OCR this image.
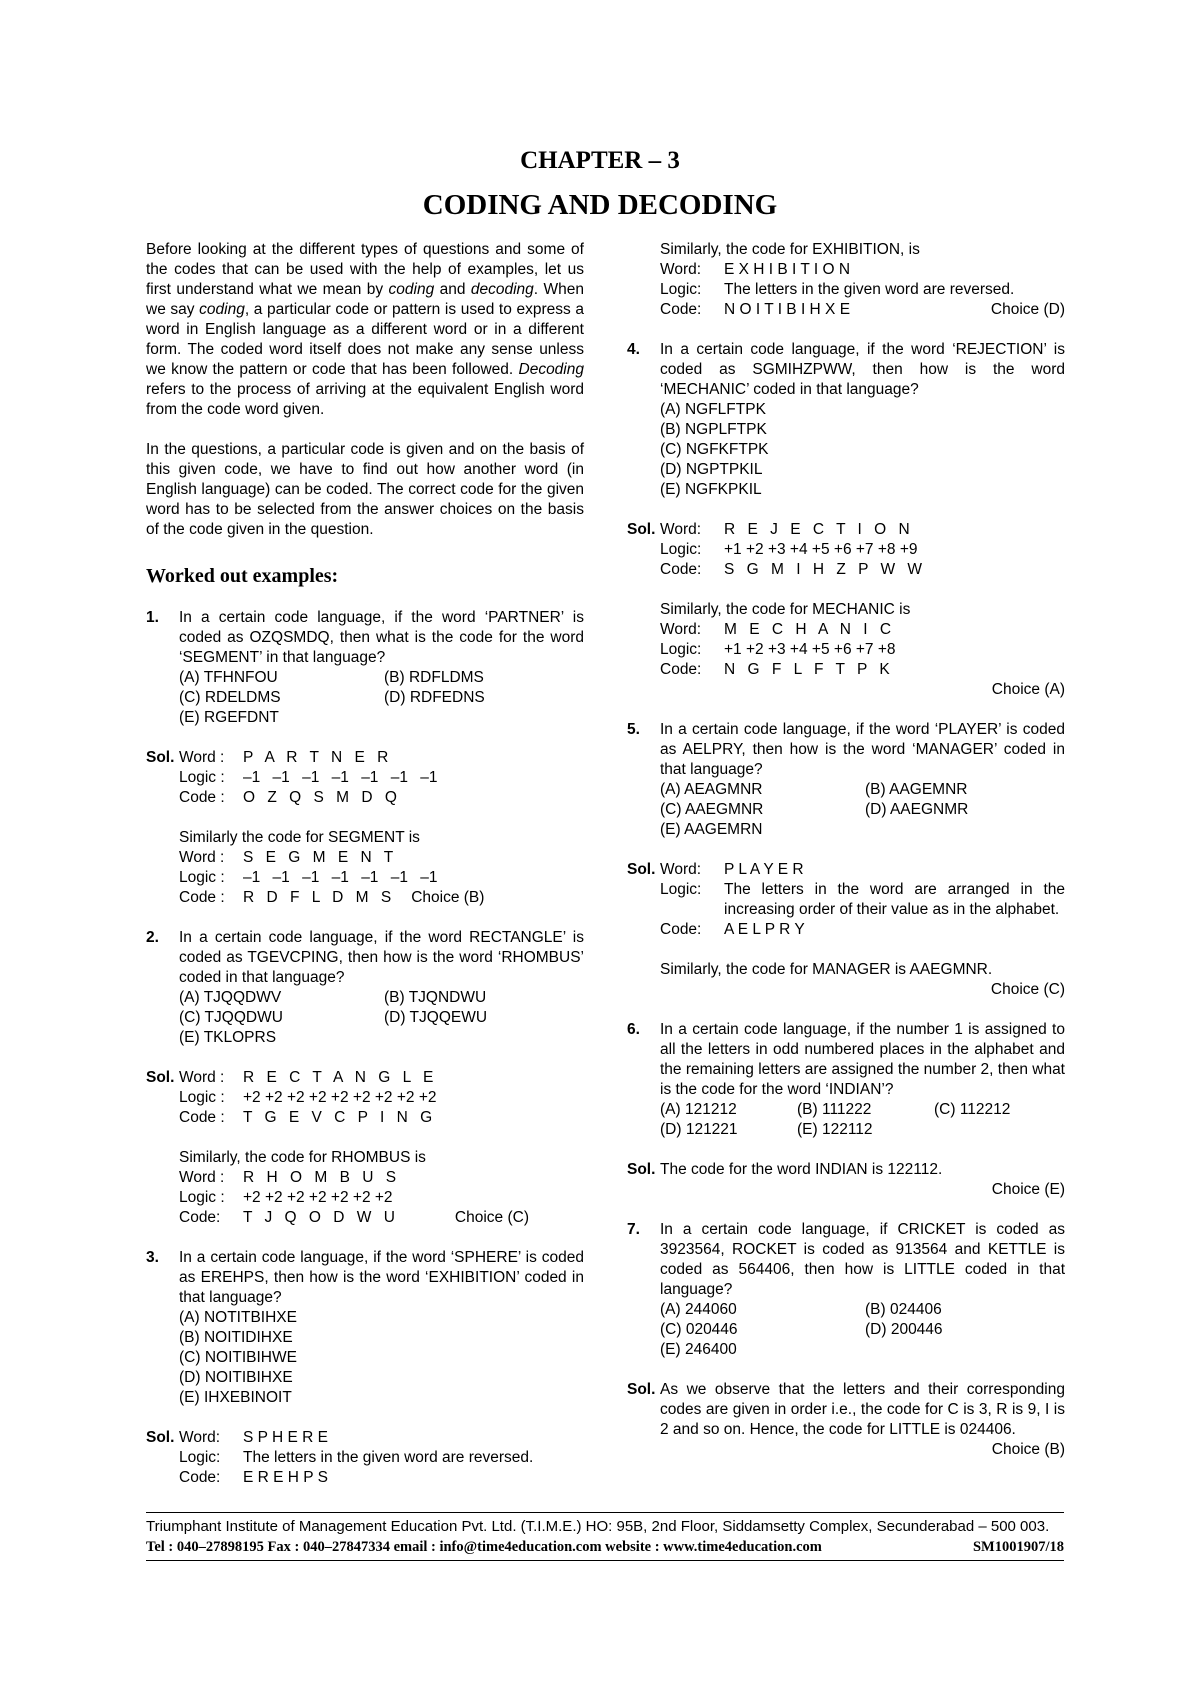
CHAPTER – 3
CODING AND DECODING

Before looking at the different types of questions and some of the codes that can be used with the help of examples, let us first understand what we mean by coding and decoding. When we say coding, a particular code or pattern is used to express a word in English language as a different word or in a different form. The coded word itself does not make any sense unless we know the pattern or code that has been followed. Decoding refers to the process of arriving at the equivalent English word from the code word given.

In the questions, a particular code is given and on the basis of this given code, we have to find out how another word (in English language) can be coded. The correct code for the given word has to be selected from the answer choices on the basis of the code given in the question.

Worked out examples:
1. In a certain code language, if the word ‘PARTNER’ is coded as OZQSMDQ, then what is the code for the word ‘SEGMENT’ in that language?

(A) TFHNFOU	(B) RDFLDMS
(C) RDELDMS	(D) RDFEDNS
(E) RGEFDNT
Sol. Word :	P A R T N E R
Logic :	–1 –1 –1 –1 –1 –1 –1
Code :	O Z Q S M D Q
Similarly the code for SEGMENT is
Word :	S E G M E N T
Logic :	–1 –1 –1 –1 –1 –1 –1
Code :	R D F L D M S Choice (B)
2. In a certain code language, if the word RECTANGLE’ is coded as TGEVCPING, then how is the word ‘RHOMBUS’ coded in that language?

(A) TJQQDWV	(B) TJQNDWU
(C) TJQQDWU	(D) TJQQEWU
(E) TKLOPRS
Sol. Word :	R E C T A N G L E
Logic :	+2 +2 +2 +2 +2 +2 +2 +2 +2
Code :	T G E V C P I N G
Similarly, the code for RHOMBUS is
Word :	R H O M B U S
Logic :	+2 +2 +2 +2 +2 +2 +2
Code:	T J Q O D W U	Choice (C)
3. In a certain code language, if the word ‘SPHERE’ is coded as EREHPS, then how is the word ‘EXHIBITION’ coded in that language?

(A) NOTITBIHXE
(B) NOITIDIHXE
(C) NOITIBIHWE
(D) NOITIBIHXE
(E) IHXEBINOIT
Sol. Word:	S P H E R E
Logic:	The letters in the given word are reversed.
Code:	E R E H P S
Similarly, the code for EXHIBITION, is
Word:	E X H I B I T I O N
Logic:	The letters in the given word are reversed.
Code:	N O I T I B I H X E	Choice (D)
4. In a certain code language, if the word ‘REJECTION’ is coded as SGMIHZPWW, then how is the word ‘MECHANIC’ coded in that language?

(A) NGFLFTPK
(B) NGPLFTPK
(C) NGFKFTPK
(D) NGPTPKIL
(E) NGFKPKIL
Sol. Word:	R E J E C T I O N
Logic:	+1 +2 +3 +4 +5 +6 +7 +8 +9
Code:	S G M I H Z P W W
Similarly, the code for MECHANIC is
Word:	M E C H A N I C
Logic:	+1 +2 +3 +4 +5 +6 +7 +8
Code:	N G F L F T P K
Choice (A)
5. In a certain code language, if the word ‘PLAYER’ is coded as AELPRY, then how is the word ‘MANAGER’ coded in that language?

(A) AEAGMNR	(B) AAGEMNR
(C) AAEGMNR	(D) AAEGNMR
(E) AAGEMRN
Sol. Word:	P L A Y E R
Logic:	The letters in the word are arranged in the increasing order of their value as in the alphabet.
Code:	A E L P R Y
Similarly, the code for MANAGER is AAEGMNR.
Choice (C)
6. In a certain code language, if the number 1 is assigned to all the letters in odd numbered places in the alphabet and the remaining letters are assigned the number 2, then what is the code for the word ‘INDIAN’?

(A) 121212	(B) 111222	(C) 112212
(D) 121221	(E) 122112
Sol. The code for the word INDIAN is 122112.
Choice (E)
7. In a certain code language, if CRICKET is coded as 3923564, ROCKET is coded as 913564 and KETTLE is coded as 564406, then how is LITTLE coded in that language?

(A) 244060	(B) 024406
(C) 020446	(D) 200446
(E) 246400
Sol. As we observe that the letters and their corresponding codes are given in order i.e., the code for C is 3, R is 9, I is 2 and so on. Hence, the code for LITTLE is 024406.
Choice (B)

Triumphant Institute of Management Education Pvt. Ltd. (T.I.M.E.) HO: 95B, 2nd Floor, Siddamsetty Complex, Secunderabad – 500 003.
Tel : 040–27898195 Fax : 040–27847334 email : info@time4education.com website : www.time4education.com	SM1001907/18
